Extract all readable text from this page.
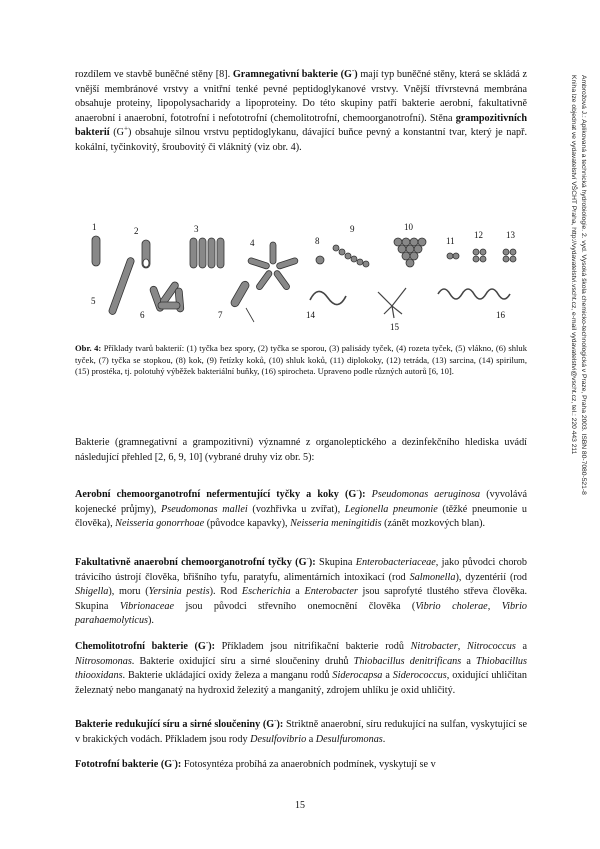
Ambrožová J.: Aplikovaná a technická hydrobiologie. 2. vyd. Vysoká škola chemicko-technologická v Praze, Praha 2003. ISBN 80-7080-521-8
Kniha lze objednat ve vydavatelství VŠCHT Praha, http://vydavatelstvi.vscht.cz, e-mail vydavatelstvi@vscht.cz, tel.: 220 443 211

rozdílem ve stavbě buněčné stěny [8]. Gramnegativní bakterie (G-) mají typ buněčné stěny, která se skládá z vnější membránové vrstvy a vnitřní tenké pevné peptidoglykanové vrstvy. Vnější třívrstevná membrána obsahuje proteiny, lipopolysacharidy a lipoproteiny. Do této skupiny patří bakterie aerobní, fakultativně anaerobní i anaerobní, fototrofní i nefototrofní (chemolitotrofní, chemoorganotrofní). Stěna grampozitivních bakterií (G+) obsahuje silnou vrstvu peptidoglykanu, dávající buňce pevný a konstantní tvar, který je např. kokální, tyčinkovitý, šroubovitý či vláknitý (viz obr. 4).

1	2	3
4
5
6	7
8
9	10
11
12	13
14
15
16

Obr. 4: Příklady tvarů bakterií: (1) tyčka bez spory, (2) tyčka se sporou, (3) palisády tyček, (4) rozeta tyček, (5) vlákno, (6) shluk tyček, (7) tyčka se stopkou, (8) kok, (9) řetízky koků, (10) shluk koků, (11) diplokoky, (12) tetráda, (13) sarcina, (14) spirilum, (15) prostéka, tj. polotuhý výběžek bakteriální buňky, (16) spirocheta. Upraveno podle různých autorů [6, 10].

Bakterie (gramnegativní a grampozitivní) významné z organoleptického a dezinfekčního hlediska uvádí následující přehled [2, 6, 9, 10] (vybrané druhy viz obr. 5):

Aerobní chemoorganotrofní nefermentující tyčky a koky (G-): Pseudomonas aeruginosa (vyvolává kojenecké průjmy), Pseudomonas mallei (vozhřivka u zvířat), Legionella pneumonie (těžké pneumonie u člověka), Neisseria gonorrhoae (původce kapavky), Neisseria meningitidis (zánět mozkových blan).

Fakultativně anaerobní chemoorganotrofní tyčky (G-): Skupina Enterobacteriaceae, jako původci chorob trávicího ústrojí člověka, břišního tyfu, paratyfu, alimentárních intoxikací (rod Salmonella), dyzentérií (rod Shigella), moru (Yersinia pestis). Rod Escherichia a Enterobacter jsou saprofyté tlustého střeva člověka. Skupina Vibrionaceae jsou původci střevního onemocnění člověka (Vibrio cholerae, Vibrio parahaemolyticus).

Chemolitotrofní bakterie (G-): Příkladem jsou nitrifikační bakterie rodů Nitrobacter, Nitrococcus a Nitrosomonas. Bakterie oxidující síru a sirné sloučeniny druhů Thiobacillus denitrificans a Thiobacillus thiooxidans. Bakterie ukládající oxidy železa a manganu rodů Siderocapsa a Siderococcus, oxidující uhličitan železnatý nebo manganatý na hydroxid železitý a manganitý, zdrojem uhlíku je oxid uhličitý.

Bakterie redukující síru a sirné sloučeniny (G-): Striktně anaerobní, síru redukující na sulfan, vyskytující se v brakických vodách. Příkladem jsou rody Desulfovibrio a Desulfuromonas.

Fototrofní bakterie (G-): Fotosyntéza probíhá za anaerobních podmínek, vyskytují se v

15
